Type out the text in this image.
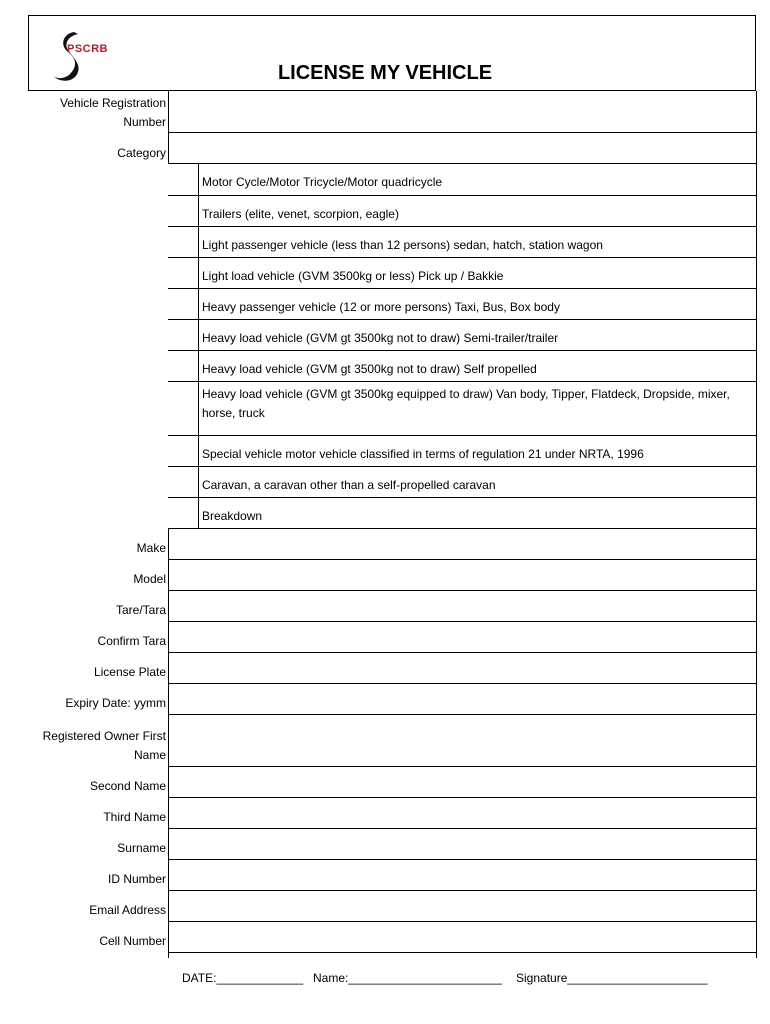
PSCRB
LICENSE MY VEHICLE
Vehicle Registration
Number
Category
Motor Cycle/Motor Tricycle/Motor quadricycle
Trailers (elite, venet, scorpion, eagle)
Light passenger vehicle (less than 12 persons) sedan, hatch, station wagon
Light load vehicle (GVM 3500kg or less) Pick up / Bakkie
Heavy passenger vehicle (12 or more persons) Taxi, Bus, Box body
Heavy load vehicle (GVM gt 3500kg not to draw) Semi-trailer/trailer
Heavy load vehicle (GVM gt 3500kg not to draw) Self propelled
Heavy load vehicle (GVM gt 3500kg equipped to draw) Van body, Tipper, Flatdeck, Dropside, mixer, horse, truck
Special vehicle motor vehicle classified in terms of regulation 21 under NRTA, 1996
Caravan, a caravan other than a self-propelled caravan
Breakdown
Make
Model
Tare/Tara
Confirm Tara
License Plate
Expiry Date: yymm
Registered Owner First
Name
Second Name
Third Name
Surname
ID Number
Email Address
Cell Number
DATE:_____________ Name:_______________________ Signature_____________________
